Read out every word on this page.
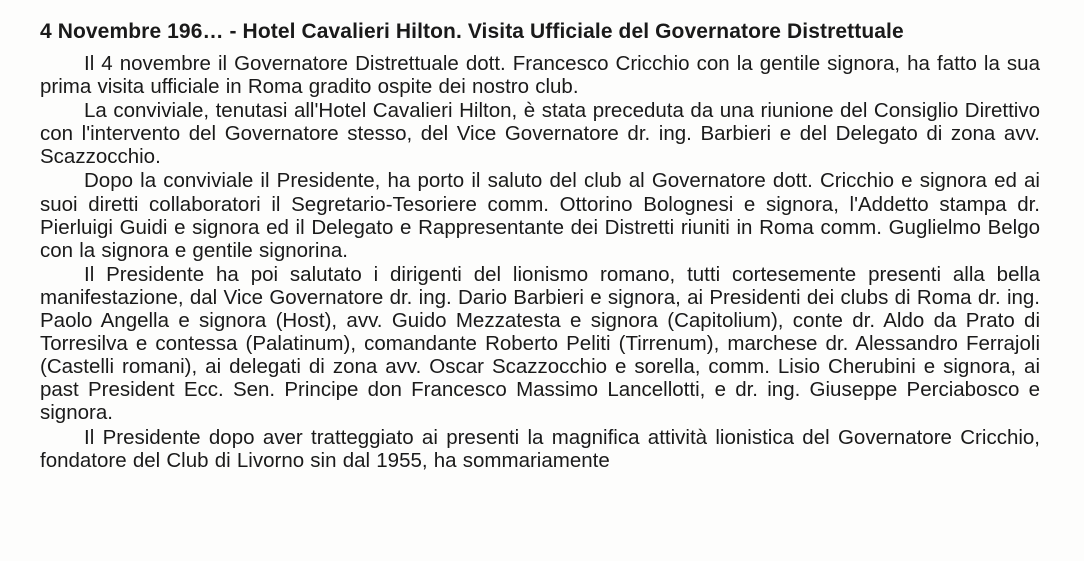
4 Novembre 196… - Hotel Cavalieri Hilton. Visita Ufficiale del Governatore Distrettuale

Il 4 novembre il Governatore Distrettuale dott. Francesco Cricchio con la gentile signora, ha fatto la sua prima visita ufficiale in Roma gradito ospite dei nostro club.

La conviviale, tenutasi all'Hotel Cavalieri Hilton, è stata preceduta da una riunione del Consiglio Direttivo con l'intervento del Governatore stesso, del Vice Governatore dr. ing. Barbieri e del Delegato di zona avv. Scazzocchio.

Dopo la conviviale il Presidente, ha porto il saluto del club al Governatore dott. Cricchio e signora ed ai suoi diretti collaboratori il Segretario-Tesoriere comm. Ottorino Bolognesi e signora, l'Addetto stampa dr. Pierluigi Guidi e signora ed il Delegato e Rappresentante dei Distretti riuniti in Roma comm. Guglielmo Belgo con la signora e gentile signorina.

Il Presidente ha poi salutato i dirigenti del lionismo romano, tutti cortesemente presenti alla bella manifestazione, dal Vice Governatore dr. ing. Dario Barbieri e signora, ai Presidenti dei clubs di Roma dr. ing. Paolo Angella e signora (Host), avv. Guido Mezzatesta e signora (Capitolium), conte dr. Aldo da Prato di Torresilva e contessa (Palatinum), comandante Roberto Peliti (Tirrenum), marchese dr. Alessandro Ferrajoli (Castelli romani), ai delegati di zona avv. Oscar Scazzocchio e sorella, comm. Lisio Cherubini e signora, ai past President Ecc. Sen. Principe don Francesco Massimo Lancellotti, e dr. ing. Giuseppe Perciabosco e signora.

Il Presidente dopo aver tratteggiato ai presenti la magnifica attività lionistica del Governatore Cricchio, fondatore del Club di Livorno sin dal 1955, ha sommariamente
